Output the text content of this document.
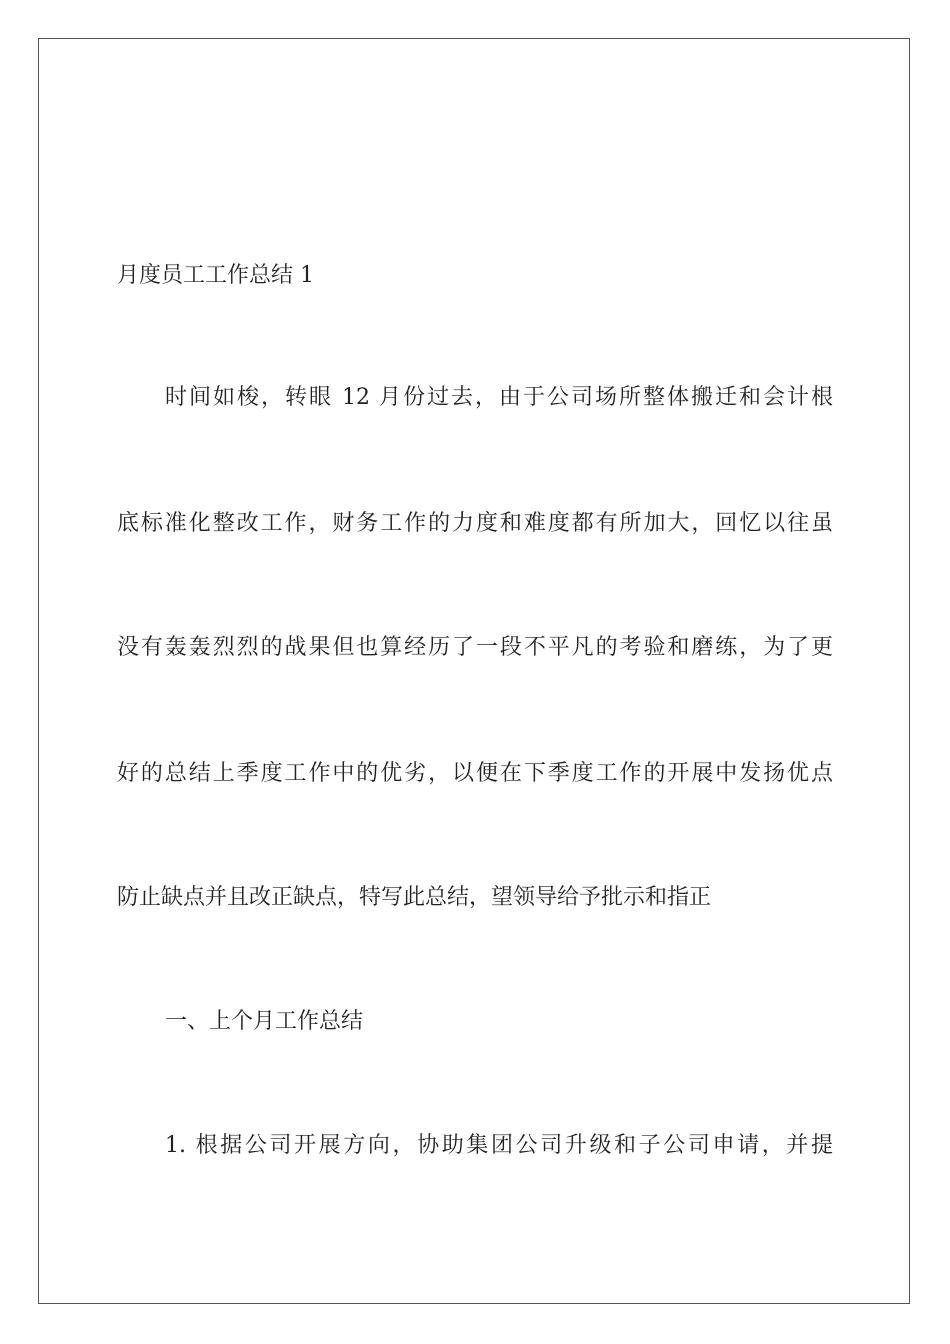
月度员工工作总结 1
时间如梭，转眼 12 月份过去，由于公司场所整体搬迁和会计根
底标准化整改工作，财务工作的力度和难度都有所加大，回忆以往虽
没有轰轰烈烈的战果但也算经历了一段不平凡的考验和磨练，为了更
好的总结上季度工作中的优劣，以便在下季度工作的开展中发扬优点
防止缺点并且改正缺点，特写此总结，望领导给予批示和指正
一、上个月工作总结
1. 根据公司开展方向，协助集团公司升级和子公司申请，并提
